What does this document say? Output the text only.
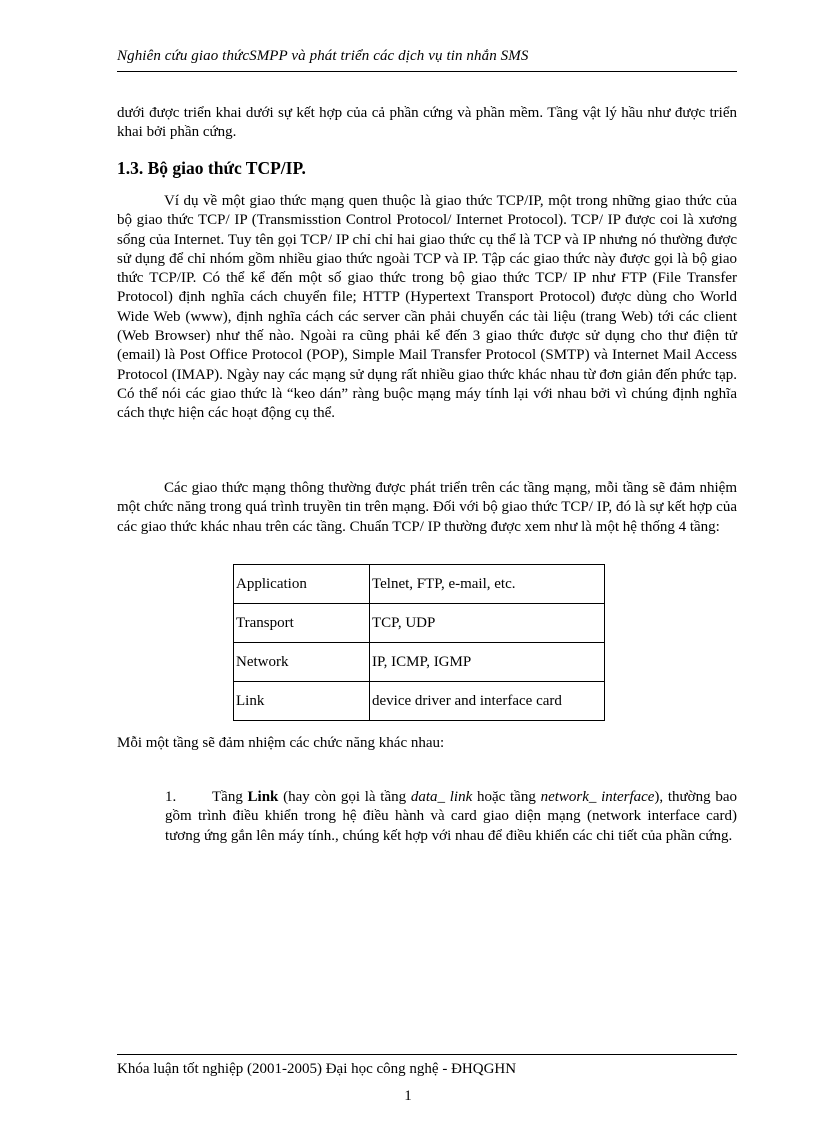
Nghiên cứu giao thứcSMPP và phát triển các dịch vụ tin nhắn SMS
dưới được triển khai dưới sự kết hợp của cả phần cứng và phần mềm. Tầng vật lý hầu như được triển khai bởi phần cứng.
1.3. Bộ giao thức TCP/IP.
Ví dụ về một giao thức mạng quen thuộc là giao thức TCP/IP, một trong những giao thức của bộ giao thức TCP/ IP (Transmisstion Control Protocol/ Internet Protocol). TCP/ IP được coi là xương sống của Internet. Tuy tên gọi TCP/ IP chỉ chỉ hai giao thức cụ thể là TCP và IP nhưng nó thường được sử dụng để chỉ nhóm gồm nhiều giao thức ngoài TCP và IP. Tập các giao thức này được gọi là bộ giao thức TCP/IP. Có thể kể đến một số giao thức trong bộ giao thức TCP/ IP như FTP (File Transfer Protocol) định nghĩa cách chuyển file; HTTP (Hypertext Transport Protocol) được dùng cho World Wide Web (www), định nghĩa cách các server cần phải chuyển các tài liệu (trang Web) tới các client (Web Browser) như thế nào. Ngoài ra cũng phải kể đến 3 giao thức được sử dụng cho thư điện tử (email) là Post Office Protocol (POP), Simple Mail Transfer Protocol (SMTP) và Internet Mail Access Protocol (IMAP). Ngày nay các mạng sử dụng rất nhiều giao thức khác nhau từ đơn giản đến phức tạp. Có thể nói các giao thức là “keo dán” ràng buộc mạng máy tính lại với nhau bởi vì chúng định nghĩa cách thực hiện các hoạt động cụ thể.
Các giao thức mạng thông thường được phát triển trên các tầng mạng, mỗi tầng sẽ đảm nhiệm một chức năng trong quá trình truyền tin trên mạng. Đối với bộ giao thức TCP/ IP, đó là sự kết hợp của các giao thức khác nhau trên các tầng. Chuẩn TCP/ IP thường được xem như là một hệ thống 4 tầng:
Application	Telnet, FTP, e-mail, etc.
Transport	TCP, UDP
Network	IP, ICMP, IGMP
Link	device driver and interface card
Mỗi một tầng sẽ đảm nhiệm các chức năng khác nhau:
1. Tầng Link (hay còn gọi là tầng data_ link hoặc tầng network_ interface), thường bao gồm trình điều khiển trong hệ điều hành và card giao diện mạng (network interface card) tương ứng gắn lên máy tính., chúng kết hợp với nhau để điều khiển các chi tiết của phần cứng.
Khóa luận tốt nghiệp (2001-2005) Đại học công nghệ - ĐHQGHN
1
